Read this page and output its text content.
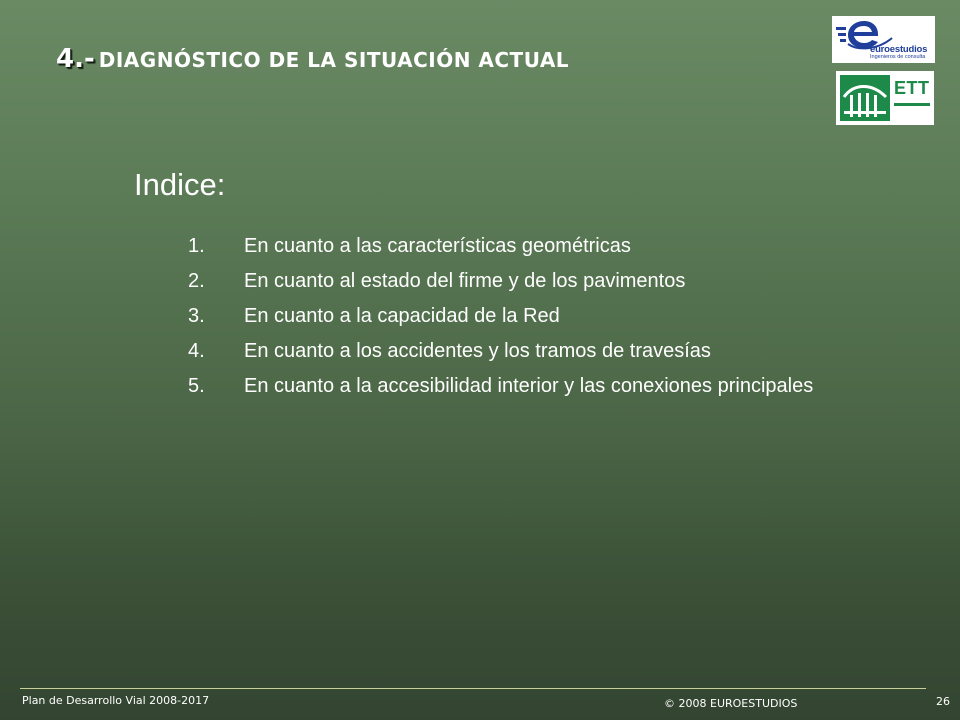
4.- DIAGNÓSTICO DE LA SITUACIÓN ACTUAL	euroestudios
Ingenieros de consulta
ETT
Indice:
1. En cuanto a las características geométricas
2. En cuanto al estado del firme y de los pavimentos
3. En cuanto a la capacidad de la Red
4. En cuanto a los accidentes y los tramos de travesías
5. En cuanto a la accesibilidad interior y las conexiones principales
Plan de Desarrollo Vial 2008-2017	© 2008 EUROESTUDIOS	26
